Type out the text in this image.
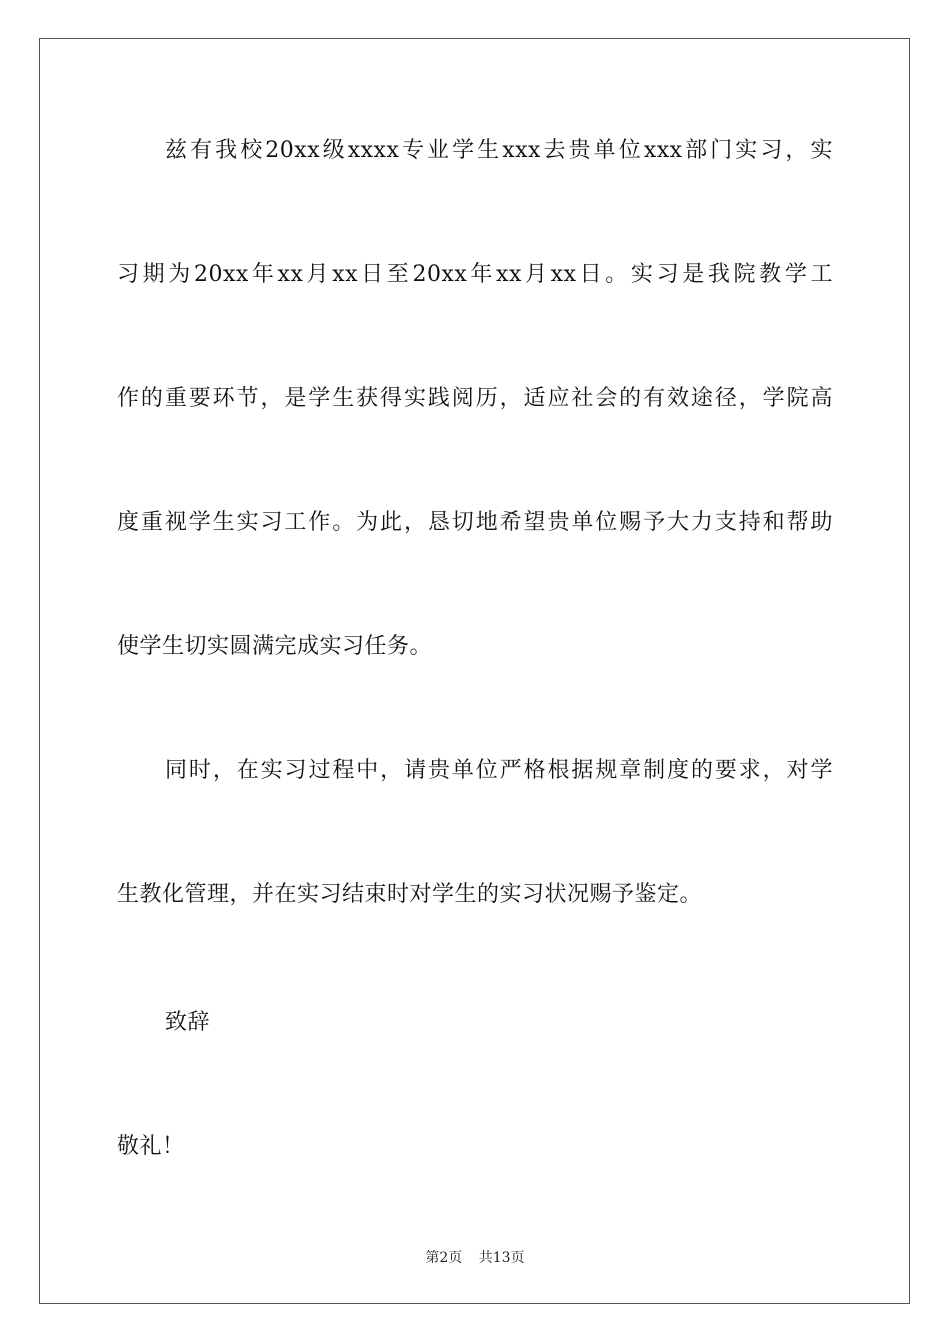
兹有我校20xx级xxxx专业学生xxx去贵单位xxx部门实习，实
习期为20xx年xx月xx日至20xx年xx月xx日。实习是我院教学工
作的重要环节，是学生获得实践阅历，适应社会的有效途径，学院高
度重视学生实习工作。为此，恳切地希望贵单位赐予大力支持和帮助
使学生切实圆满完成实习任务。
同时，在实习过程中，请贵单位严格根据规章制度的要求，对学
生教化管理，并在实习结束时对学生的实习状况赐予鉴定。
致辞
敬礼！
第2页 共13页
